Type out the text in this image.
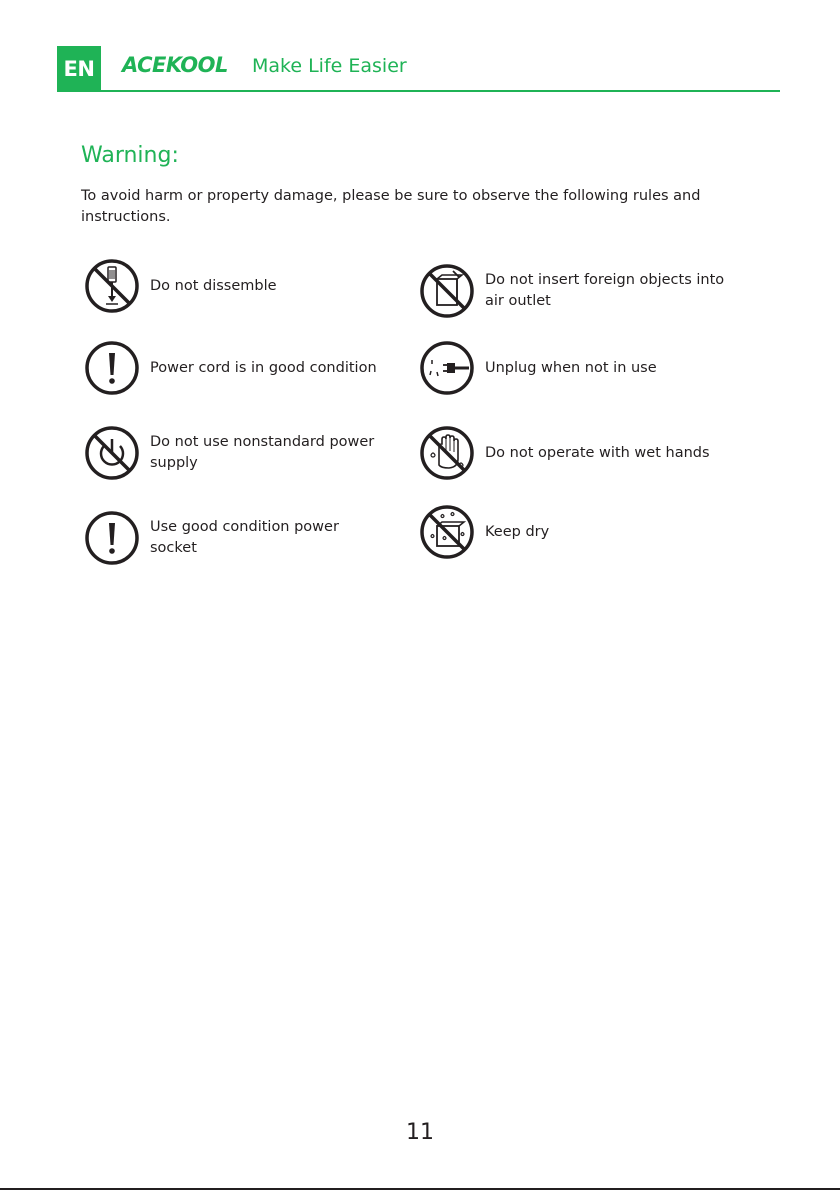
EN	ACEKOOL Make Life Easier
Warning:
To avoid harm or property damage, please be sure to observe the following rules and instructions.
Do not dissemble
Power cord is in good condition
Do not use nonstandard power supply
Use good condition power socket
Do not insert foreign objects into air outlet
Unplug when not in use
Do not operate with wet hands
Keep dry
11
